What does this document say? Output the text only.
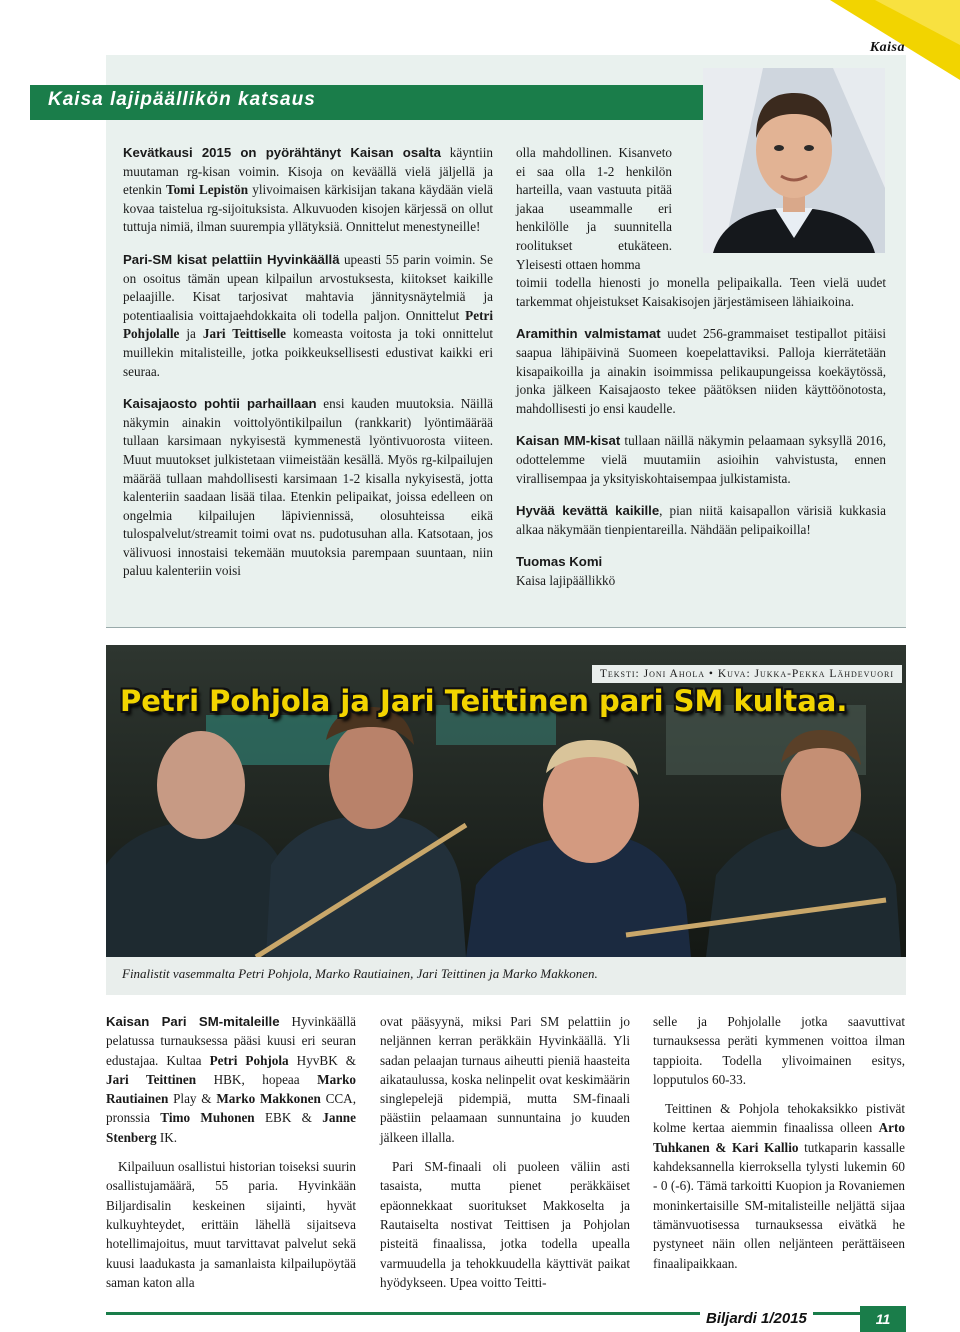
Kaisa
Kaisa lajipäällikön katsaus

Kevätkausi 2015 on pyörähtänyt Kaisan osalta käyntiin muutaman rg-kisan voimin. Kisoja on keväällä vielä jäljellä ja etenkin Tomi Lepistön ylivoimaisen kärkisijan takana käydään vielä kovaa taistelua rg-sijoituksista. Alkuvuoden kisojen kärjessä on ollut tuttuja nimiä, ilman suurempia yllätyksiä. Onnittelut menestyneille!

Pari-SM kisat pelattiin Hyvinkäällä upeasti 55 parin voimin. Se on osoitus tämän upean kilpailun arvostuksesta, kiitokset kaikille pelaajille. Kisat tarjosivat mahtavia jännitysnäytelmiä ja potentiaalisia voittajaehdokkaita oli todella paljon. Onnittelut Petri Pohjolalle ja Jari Teittiselle komeasta voitosta ja toki onnittelut muillekin mitalisteille, jotka poikkeuksellisesti edustivat kaikki eri seuraa.

Kaisajaosto pohtii parhaillaan ensi kauden muutoksia. Näillä näkymin ainakin voittolyöntikilpailun (rankkarit) lyöntimäärää tullaan karsimaan nykyisestä kymmenestä lyöntivuorosta viiteen. Muut muutokset julkistetaan viimeistään kesällä. Myös rg-kilpailujen määrää tullaan mahdollisesti karsimaan 1-2 kisalla nykyisestä, jotta kalenteriin saadaan lisää tilaa. Etenkin pelipaikat, joissa edelleen on ongelmia kilpailujen läpiviennissä, olosuhteissa eikä tulospalvelut/streamit toimi ovat ns. pudotusuhan alla. Katsotaan, jos välivuosi innostaisi tekemään muutoksia parempaan suuntaan, niin paluu kalenteriin voisi

olla mahdollinen. Kisanveto ei saa olla 1-2 henkilön harteilla, vaan vastuuta pitää jakaa useammalle eri henkilölle ja suunnitella roolitukset etukäteen. Yleisesti ottaen homma

toimii todella hienosti jo monella pelipaikalla. Teen vielä uudet tarkemmat ohjeistukset Kaisakisojen järjestämiseen lähiaikoina.

Aramithin valmistamat uudet 256-grammaiset testipallot pitäisi saapua lähipäivinä Suomeen koepelattaviksi. Palloja kierrätetään kisapaikoilla ja ainakin isoimmissa pelikaupungeissa koekäytössä, jonka jälkeen Kaisajaosto tekee päätöksen niiden käyttöönotosta, mahdollisesti jo ensi kaudelle.

Kaisan MM-kisat tullaan näillä näkymin pelaamaan syksyllä 2016, odottelemme vielä muutamiin asioihin vahvistusta, ennen virallisempaa ja yksityiskohtaisempaa julkistamista.

Hyvää kevättä kaikille, pian niitä kaisapallon värisiä kukkasia alkaa näkymään tienpientareilla. Nähdään pelipaikoilla!

Tuomas Komi
Kaisa lajipäällikkö

Teksti: Joni Ahola • Kuva: Jukka-Pekka Lähdevuori
Petri Pohjola ja Jari Teittinen pari SM kultaa.
Finalistit vasemmalta Petri Pohjola, Marko Rautiainen, Jari Teittinen ja Marko Makkonen.

Kaisan Pari SM-mitaleille Hyvinkäällä pelatussa turnauksessa pääsi kuusi eri seuran edustajaa. Kultaa Petri Pohjola HyvBK & Jari Teittinen HBK, hopeaa Marko Rautiainen Play & Marko Makkonen CCA, pronssia Timo Muhonen EBK & Janne Stenberg IK.

Kilpailuun osallistui historian toiseksi suurin osallistujamäärä, 55 paria. Hyvinkään Biljardisalin keskeinen sijainti, hyvät kulkuyhteydet, erittäin lähellä sijaitseva hotellimajoitus, muut tarvittavat palvelut sekä kuusi laadukasta ja samanlaista kilpailupöytää saman katon alla

ovat pääsyynä, miksi Pari SM pelattiin jo neljännen kerran peräkkäin Hyvinkäällä. Yli sadan pelaajan turnaus aiheutti pieniä haasteita aikataulussa, koska nelinpelit ovat keskimäärin singlepelejä pidempiä, mutta SM-finaali päästiin pelaamaan sunnuntaina jo kuuden jälkeen illalla.

Pari SM-finaali oli puoleen väliin asti tasaista, mutta pienet peräkkäiset epäonnekkaat suoritukset Makkoselta ja Rautaiselta nostivat Teittisen ja Pohjolan pisteitä finaalissa, jotka todella upealla varmuudella ja tehokkuudella käyttivät paikat hyödykseen. Upea voitto Teitti-

selle ja Pohjolalle jotka saavuttivat turnauksessa peräti kymmenen voittoa ilman tappioita. Todella ylivoimainen esitys, lopputulos 60-33.

Teittinen & Pohjola tehokaksikko pistivät kolme kertaa aiemmin finaalissa olleen Arto Tuhkanen & Kari Kallio tutkaparin kassalle kahdeksannella kierroksella tylysti lukemin 60 - 0 (-6). Tämä tarkoitti Kuopion ja Rovaniemen moninkertaisille SM-mitalisteille neljättä sijaa tämänvuotisessa turnauksessa eivätkä he pystyneet näin ollen neljänteen perättäiseen finaalipaikkaan.

Biljardi 1/2015	11
